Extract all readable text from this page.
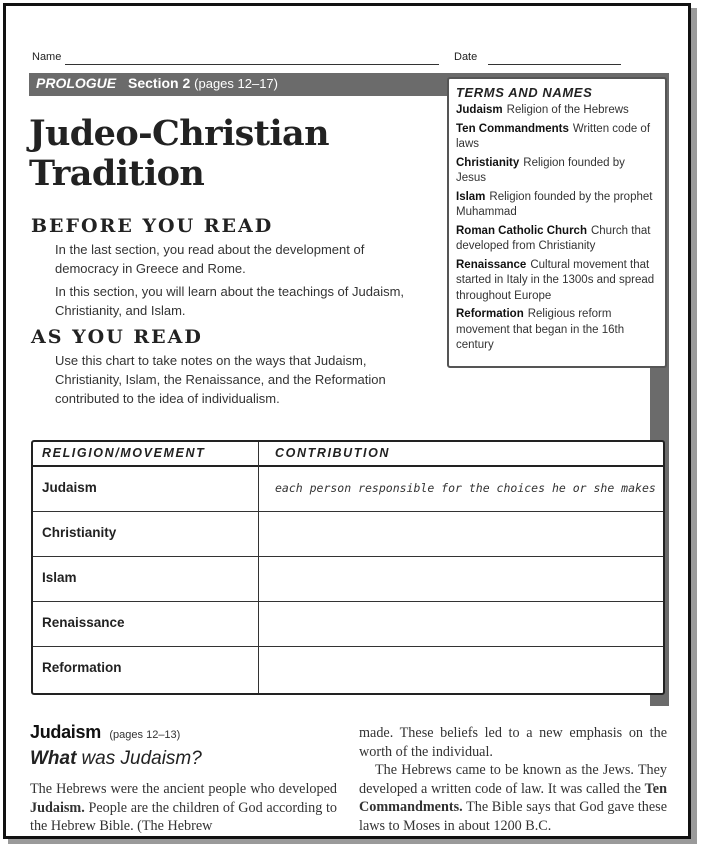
Name	Date
PROLOGUE Section 2 (pages 12–17)
Judeo-Christian
Tradition
BEFORE YOU READ
In the last section, you read about the development of democracy in Greece and Rome.
In this section, you will learn about the teachings of Judaism, Christianity, and Islam.
AS YOU READ
Use this chart to take notes on the ways that Judaism, Christianity, Islam, the Renaissance, and the Reformation contributed to the idea of individualism.
TERMS AND NAMES
Judaism Religion of the Hebrews
Ten Commandments Written code of laws
Christianity Religion founded by Jesus
Islam Religion founded by the prophet Muhammad
Roman Catholic Church Church that developed from Christianity
Renaissance Cultural movement that started in Italy in the 1300s and spread throughout Europe
Reformation Religious reform movement that began in the 16th century
RELIGION/MOVEMENT	CONTRIBUTION
Judaism	each person responsible for the choices he or she makes
Christianity
Islam
Renaissance
Reformation
Judaism (pages 12–13)
What was Judaism?

The Hebrews were the ancient people who developed Judaism. People are the children of God according to the Hebrew Bible. (The Hebrew

made. These beliefs led to a new emphasis on the worth of the individual.

The Hebrews came to be known as the Jews. They developed a written code of law. It was called the Ten Commandments. The Bible says that God gave these laws to Moses in about 1200 B.C.
